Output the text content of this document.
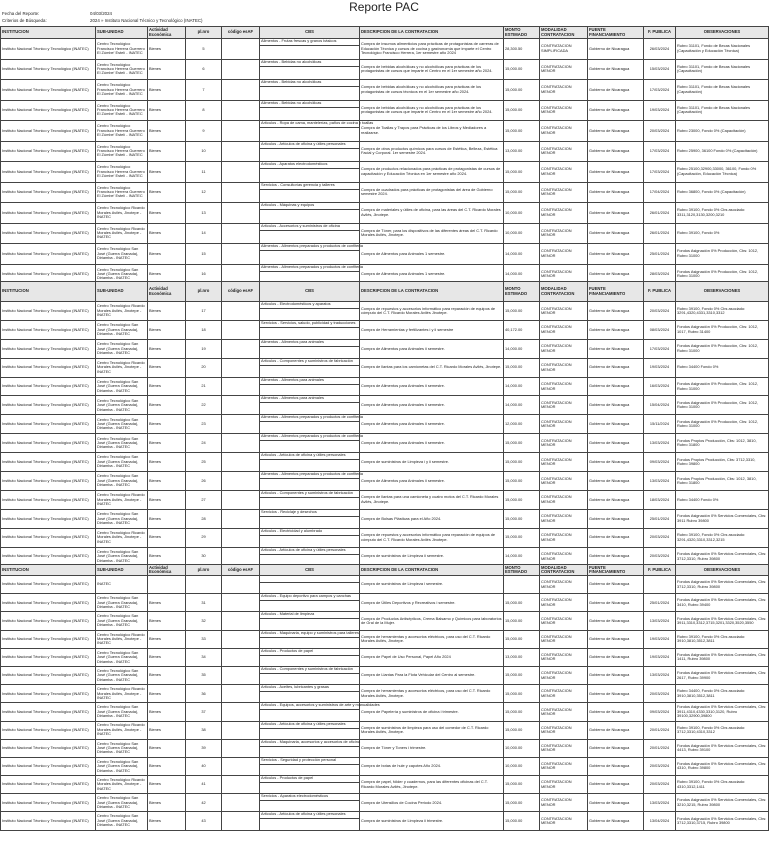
Reporte PAC
Fecha del Reporte:	04/03/2024
Criterios de Búsqueda:	2024 » Instituto Nacional Técnico y Tecnológico (INATEC)
INSTITUCION	SUB-UNIDAD	Actividad Económica	pl.nro	código esAF	CBS	DESCRIPCION DE LA CONTRATACION	MONTO ESTIMADO	MODALIDAD CONTRATACION	FUENTE FINANCIAMIENTO	F. PUBLICA	OBSERVACIONES

Instituto Nacional Técnico y Tecnológico (INATEC)	Centro Tecnológico Francisco Herrera Guerrero El Zúmbe' Estelí - INATEC	Bienes	5		Alimentos - Frutas frescas y granos básicos	Compra de insumos alimenticios para prácticas de protagonistas de carreras de Educación Técnica y cursos de cocina y gastronomía que imparte el Centro Tecnológico Francisco Herrera, 1er semestre año 2024	28,300.50	CONTRATACION SIMPLIFICADA	Gobierno de Nicaragua	26/03/2024	Rubro 31101, Fondo de Becas Nacionales (Capacitación y Educación Técnica)

Instituto Nacional Técnico y Tecnológico (INATEC)	Centro Tecnológico Francisco Herrera Guerrero El Zúmbe' Estelí - INATEC	Bienes	6		Alimentos - Bebidas no alcohólicas	Compra de bebidas alcohólicas y no alcohólicas para prácticas de los protagonistas de cursos que imparte el Centro en el 1er semestre año 2024.	15,000.00	CONTRATACION MENOR	Gobierno de Nicaragua	15/03/2024	Rubro 31101, Fondo de Becas Nacionales (Capacitación)

Instituto Nacional Técnico y Tecnológico (INATEC)	Centro Tecnológico Francisco Herrera Guerrero El Zúmbe' Estelí - INATEC	Bienes	7		Alimentos - Bebidas no alcohólicas	Compra de bebidas alcohólicas y no alcohólicas para prácticas de los protagonistas de cursos técnicos en el 1er semestre año 2024.	15,000.00	CONTRATACION MENOR	Gobierno de Nicaragua	17/03/2024	Rubro 31101, Fondo de Becas Nacionales (Capacitación)

Instituto Nacional Técnico y Tecnológico (INATEC)	Centro Tecnológico Francisco Herrera Guerrero El Zúmbe' Estelí - INATEC	Bienes	8		Alimentos - Bebidas no alcohólicas	Compra de bebidas alcohólicas y no alcohólicas para prácticas de los protagonistas de cursos que imparte el Centro en el 1er semestre año 2024.	15,000.00	CONTRATACION MENOR	Gobierno de Nicaragua	19/03/2024	Rubro 31101, Fondo de Becas Nacionales (Capacitación)

Instituto Nacional Técnico y Tecnológico (INATEC)	Centro Tecnológico Francisco Herrera Guerrero El Zúmbe' Estelí - INATEC	Bienes	9		Artículos - Ropa de cama, mantelerías, paños de cocina y toallas	Compra de Toallas y Trapos para Prácticas de los Libros y Mediadores a realizarse.	15,000.00	CONTRATACION MENOR	Gobierno de Nicaragua	20/03/2024	Rubro 23000, Fondo 0% (Capacitación)

Instituto Nacional Técnico y Tecnológico (INATEC)	Centro Tecnológico Francisco Herrera Guerrero El Zúmbe' Estelí - INATEC	Bienes	10		Artículos - Artículos de oficina y útiles personales	Compra de otros productos químicos para cursos de Estética, Belleza, Estética Facial y Corporal. 1er semestre 2024.	13,000.00	CONTRATACION MENOR	Gobierno de Nicaragua	17/03/2024	Rubro 25900, 36100 Fondo 0% (Capacitación)

Instituto Nacional Técnico y Tecnológico (INATEC)	Centro Tecnológico Francisco Herrera Guerrero El Zúmbe' Estelí - INATEC	Bienes	11		Artículos - Aparatos electrodomésticos	Compra de productos relacionados para prácticas de protagonistas de cursos de capacitación y Educación Técnica en 1er semestre año 2024.	15,000.00	CONTRATACION MENOR	Gobierno de Nicaragua	17/03/2024	Rubro 25100,32900,33000, 36100, Fondo 0% (Capacitación, Educación Técnica)

Instituto Nacional Técnico y Tecnológico (INATEC)	Centro Tecnológico Francisco Herrera Guerrero El Zúmbe' Estelí - INATEC	Bienes	12		Servicios - Consultorías gerencia y talleres	Compra de cuadrados para prácticas de protagonistas del área de Gobierno semestre 2024.	15,000.00	CONTRATACION MENOR	Gobierno de Nicaragua	17/04/2024	Rubro 36800, Fondo 0% (Capacitación)

Instituto Nacional Técnico y Tecnológico (INATEC)	Centro Tecnológico Ricardo Morales Avilés, Jinotepe - INATEC	Bienes	13		Artículos - Máquinas y equipos	Compra de materiales y útiles de oficina, para las áreas del C.T. Ricardo Morales Avilés, Jinotepe.	10,000.00	CONTRATACION MENOR	Gobierno de Nicaragua	26/01/2024	Rubro 39100, Fondo 0% Cbs asociado: 3311,3120,3130,3200,3210

Instituto Nacional Técnico y Tecnológico (INATEC)	Centro Tecnológico Ricardo Morales Avilés, Jinotepe - INATEC	Bienes	14		Artículos - Accesorios y suministros de oficina	Compra de Tóner, para los dispositivos de las diferentes áreas del C.T. Ricardo Morales Avilés, Jinotepe.	10,000.00	CONTRATACION MENOR	Gobierno de Nicaragua	26/01/2024	Rubro 39100, Fondo 0%

Instituto Nacional Técnico y Tecnológico (INATEC)	Centro Tecnológico San José (Guerra Granada), Diriamba - INATEC	Bienes	15		Alimentos - Alimentos preparados y productos de confitería	Compra de Alimentos para Animales 1 semestre.	14,000.00	CONTRATACION MENOR	Gobierno de Nicaragua	25/01/2024	Fondos Asignación 0% Producción, Cbs: 1012, Rubro 31000

Instituto Nacional Técnico y Tecnológico (INATEC)	Centro Tecnológico San José (Guerra Granada), Diriamba - INATEC	Bienes	16		Alimentos - Alimentos preparados y productos de confitería	Compra de Alimentos para Animales 1 semestre.	14,000.00	CONTRATACION MENOR	Gobierno de Nicaragua	28/03/2024	Fondos Asignación 0% Producción, Cbs: 1012, Rubro 31000
INSTITUCION	SUB-UNIDAD	Actividad Económica	pl.nro	código esAF	CBS	DESCRIPCION DE LA CONTRATACION	MONTO ESTIMADO	MODALIDAD CONTRATACION	FUENTE FINANCIAMIENTO	F. PUBLICA	OBSERVACIONES

Instituto Nacional Técnico y Tecnológico (INATEC)	Centro Tecnológico Ricardo Morales Avilés, Jinotepe - INATEC	Bienes	17		Artículos - Electrodomésticos y aparatos	Compra de repuestos y accesorios informático para reparación de equipos de cómputo del C.T. Ricardo Morales Avilés Jinotepe.	15,000.00	CONTRATACION MENOR	Gobierno de Nicaragua	20/03/2024	Rubro 39100, Fondo 0% Cbs asociado: 3291,4320,4331,3310,3312

Instituto Nacional Técnico y Tecnológico (INATEC)	Centro Tecnológico San José (Guerra Granada), Diriamba - INATEC	Bienes	18		Servicios - Servicios, saludo, publicidad y traducciones	Compra de Herramientas y fertilizantes i y ii semestre	40,172.00	CONTRATACION MENOR	Gobierno de Nicaragua	08/03/2024	Fondos Asignación 0% Producción, Cbs: 1012, 1017, Rubro 31400

Instituto Nacional Técnico y Tecnológico (INATEC)	Centro Tecnológico San José (Guerra Granada), Diriamba - INATEC	Bienes	19		Alimentos - Alimentos para animales	Compra de Alimentos para Animales ii semestre.	14,000.00	CONTRATACION MENOR	Gobierno de Nicaragua	17/03/2024	Fondos Asignación 0% Producción, Cbs: 1012, Rubro 31000

Instituto Nacional Técnico y Tecnológico (INATEC)	Centro Tecnológico Ricardo Morales Avilés, Jinotepe - INATEC	Bienes	20		Artículos - Componentes y suministros de fabricación	Compra de llantas para los camionetas del C.T. Ricardo Morales Avilés, Jinotepe.	15,000.00	CONTRATACION MENOR	Gobierno de Nicaragua	19/03/2024	Rubro 34400 Fondo 0%

Instituto Nacional Técnico y Tecnológico (INATEC)	Centro Tecnológico San José (Guerra Granada), Diriamba - INATEC	Bienes	21		Alimentos - Alimentos para animales	Compra de Alimentos para Animales ii semestre.	14,000.00	CONTRATACION MENOR	Gobierno de Nicaragua	16/03/2024	Fondos Asignación 0% Producción, Cbs: 1012, Rubro 31000

Instituto Nacional Técnico y Tecnológico (INATEC)	Centro Tecnológico San José (Guerra Granada), Diriamba - INATEC	Bienes	22		Alimentos - Alimentos para animales	Compra de Alimentos para Animales ii semestre.	14,000.00	CONTRATACION MENOR	Gobierno de Nicaragua	15/04/2024	Fondos Asignación 0% Producción, Cbs: 1012, Rubro 31000

Instituto Nacional Técnico y Tecnológico (INATEC)	Centro Tecnológico San José (Guerra Granada), Diriamba - INATEC	Bienes	23		Alimentos - Alimentos preparados y productos de confitería	Compra de Alimentos para Animales ii semestre.	12,000.00	CONTRATACION MENOR	Gobierno de Nicaragua	15/11/2024	Fondos Asignación 0% Producción, Cbs: 1012, Rubro 31000

Instituto Nacional Técnico y Tecnológico (INATEC)	Centro Tecnológico San José (Guerra Granada), Diriamba - INATEC	Bienes	24		Alimentos - Alimentos preparados y productos de confitería	Compra de Alimentos para Animales ii semestre.	15,000.00	CONTRATACION MENOR	Gobierno de Nicaragua	13/03/2024	Fondos Propios Producción, Cbs: 1012, 3810, Rubro 31800

Instituto Nacional Técnico y Tecnológico (INATEC)	Centro Tecnológico San José (Guerra Granada), Diriamba - INATEC	Bienes	25		Artículos - Artículos de oficina y útiles personales	Compra de suministros de Limpieza i y ii semestre.	15,000.00	CONTRATACION MENOR	Gobierno de Nicaragua	09/03/2024	Fondos Propios Producción, Cbs: 3712,3310, Rubro 39800

Instituto Nacional Técnico y Tecnológico (INATEC)	Centro Tecnológico San José (Guerra Granada), Diriamba - INATEC	Bienes	26		Alimentos - Alimentos preparados y productos de confitería	Compra de Alimentos para Animales ii semestre.	15,000.00	CONTRATACION MENOR	Gobierno de Nicaragua	13/03/2024	Fondos Propios Producción, Cbs: 1012, 3810, Rubro 31800

Instituto Nacional Técnico y Tecnológico (INATEC)	Centro Tecnológico Ricardo Morales Avilés, Jinotepe - INATEC	Bienes	27		Artículos - Componentes y suministros de fabricación	Compra de llantas para una camioneta y cuatro motos del C.T. Ricardo Morales Avilés, Jinotepe.	15,000.00	CONTRATACION MENOR	Gobierno de Nicaragua	18/03/2024	Rubro 34400 Fondo 0%

Instituto Nacional Técnico y Tecnológico (INATEC)	Centro Tecnológico San José (Guerra Granada), Diriamba - INATEC	Bienes	28		Servicios - Reciclaje y desechos	Compra de Bolsas Plásticas para el Año 2024.	15,000.00	CONTRATACION MENOR	Gobierno de Nicaragua	25/01/2024	Fondos Asignación 0% Servicios Comerciales, Cbs: 3911 Rubro 39800

Instituto Nacional Técnico y Tecnológico (INATEC)	Centro Tecnológico Ricardo Morales Avilés, Jinotepe - INATEC	Bienes	29		Artículos - Electricidad y alumbrado	Compra de repuestos y accesorios informático para reparación de equipos de cómputo del C.T. Ricardo Morales Avilés Jinotepe.	15,000.00	CONTRATACION MENOR	Gobierno de Nicaragua	20/03/2024	Rubro 39100, Fondo 0% Cbs asociado: 3291,4320,3310,3312,3215

Instituto Nacional Técnico y Tecnológico (INATEC)	Centro Tecnológico San José (Guerra Granada), Diriamba - INATEC	Bienes	30		Artículos - Artículos de oficina y útiles personales	Compra de suministros de Limpieza ii semestre.	14,000.00	CONTRATACION MENOR	Gobierno de Nicaragua	20/03/2024	Fondos Asignación 0% Servicios Comerciales, Cbs: 3712,3310, Rubro 39800
INSTITUCION	SUB-UNIDAD	Actividad Económica	pl.nro	código esAF	CBS	DESCRIPCION DE LA CONTRATACION	MONTO ESTIMADO	MODALIDAD CONTRATACION	FUENTE FINANCIAMIENTO	F. PUBLICA	OBSERVACIONES

Instituto Nacional Técnico y Tecnológico (INATEC)	INATEC					Compra de suministros de Limpieza i semestre.		CONTRATACION MENOR	Gobierno de Nicaragua		Fondos Asignación 0% Servicios Comerciales, Cbs: 3712,3310, Rubro 39800

Instituto Nacional Técnico y Tecnológico (INATEC)	Centro Tecnológico San José (Guerra Granada), Diriamba - INATEC	Bienes	31		Artículos - Equipo deportivo para campos y canchas	Compra de Útiles Deportivos y Recreativos i semestre.	15,000.00	CONTRATACION MENOR	Gobierno de Nicaragua	25/01/2024	Fondos Asignación 0% Servicios Comerciales, Cbs: 3410, Rubro 39400

Instituto Nacional Técnico y Tecnológico (INATEC)	Centro Tecnológico San José (Guerra Granada), Diriamba - INATEC	Bienes	32		Artículos - Material de limpieza	Compra de Productos Antisépticos, Crema Balsamo y Químicos para laboratorios de Gral de la Mujer.	15,000.00	CONTRATACION MENOR	Gobierno de Nicaragua	13/03/2024	Fondos Asignación 0% Servicios Comerciales, Cbs: 3911,3310,3312,3715,3201,3320,3520,3550

Instituto Nacional Técnico y Tecnológico (INATEC)	Centro Tecnológico Ricardo Morales Avilés, Jinotepe - INATEC	Bienes	33		Artículos - Maquinaria, equipo y suministros para talleres	Compra de herramientas y accesorios eléctricos, para uso del C.T. Ricardo Morales Avilés, Jinotepe.	15,000.00	CONTRATACION MENOR	Gobierno de Nicaragua	19/03/2024	Rubro 39100, Fondo 0% Cbs asociado: 3910,3810,3512,3811

Instituto Nacional Técnico y Tecnológico (INATEC)	Centro Tecnológico San José (Guerra Granada), Diriamba - INATEC	Bienes	34		Artículos - Productos de papel	Compra de Papel de Uso Personal, Papel Año 2024	13,000.00	CONTRATACION MENOR	Gobierno de Nicaragua	19/03/2024	Fondos Asignación 0% Servicios Comerciales, Cbs: 1411, Rubro 39800

Instituto Nacional Técnico y Tecnológico (INATEC)	Centro Tecnológico San José (Guerra Granada), Diriamba - INATEC	Bienes	35		Artículos - Componentes y suministros de fabricación	Compra de Llantas Para la Flota Vehicular del Centro al semestre.	15,000.00	CONTRATACION MENOR	Gobierno de Nicaragua	13/03/2024	Fondos Asignación 0% Servicios Comerciales, Cbs: 2617, Rubro 39900

Instituto Nacional Técnico y Tecnológico (INATEC)	Centro Tecnológico Ricardo Morales Avilés, Jinotepe - INATEC	Bienes	36		Artículos - Aceites, lubricantes y grasas	Compra de herramientas y accesorios eléctricos, para uso del C.T. Ricardo Morales Avilés, Jinotepe.	15,000.00	CONTRATACION MENOR	Gobierno de Nicaragua	20/03/2024	Rubro 34400, Fondo 0% Cbs asociado: 3910,3810,3512,3811

Instituto Nacional Técnico y Tecnológico (INATEC)	Centro Tecnológico San José (Guerra Granada), Diriamba - INATEC	Bienes	37		Artículos - Equipos, accesorios y suministros de arte y manualidades	Compra de Papelería y suministros de oficina i trimestre.	15,000.00	CONTRATACION MENOR	Gobierno de Nicaragua	09/03/2024	Fondos Asignación 0% Servicios Comerciales, Cbs: 3911,4310,4330,3310,3120, Rubro 39100,32900,39800

Instituto Nacional Técnico y Tecnológico (INATEC)	Centro Tecnológico Ricardo Morales Avilés, Jinotepe - INATEC	Bienes	38		Artículos - Artículos de oficina y útiles personales	Compra de suministros de limpieza para uso del comedor de C.T. Ricardo Morales Avilés, Jinotepe.	15,000.00	CONTRATACION MENOR	Gobierno de Nicaragua	20/01/2024	Rubro 39100, Fondo 0% Cbs asociado: 3712,3310,4310,3312

Instituto Nacional Técnico y Tecnológico (INATEC)	Centro Tecnológico San José (Guerra Granada), Diriamba - INATEC	Bienes	39		Artículos - Maquinaria, accesorios y accesorios de oficina	Compra de Tóner y Toners i trimestre.	10,000.00	CONTRATACION MENOR	Gobierno de Nicaragua	20/01/2024	Fondos Asignación 0% Servicios Comerciales, Cbs: 4413, Rubro 39100

Instituto Nacional Técnico y Tecnológico (INATEC)	Centro Tecnológico San José (Guerra Granada), Diriamba - INATEC	Bienes	40		Servicios - Seguridad y protección personal	Compra de botas de hule y capotes Año 2024.	10,000.00	CONTRATACION MENOR	Gobierno de Nicaragua	20/03/2024	Fondos Asignación 0% Servicios Comerciales, Cbs: 4310, Rubro 39800

Instituto Nacional Técnico y Tecnológico (INATEC)	Centro Tecnológico Ricardo Morales Avilés, Jinotepe - INATEC	Bienes	41		Artículos - Productos de papel	Compra de papel, fólder y cuadernos, para las diferentes oficinas del C.T. Ricardo Morales Avilés, Jinotepe.	15,000.00	CONTRATACION MENOR	Gobierno de Nicaragua	20/03/2024	Rubro 39100, Fondo 0% Cbs asociado: 4310,3312,1411

Instituto Nacional Técnico y Tecnológico (INATEC)	Centro Tecnológico San José (Guerra Granada), Diriamba - INATEC	Bienes	42		Servicios - Aparatos electrodomésticos	Compra de Utensilios de Cocina Periodo 2024.	15,000.00	CONTRATACION MENOR	Gobierno de Nicaragua	13/03/2024	Fondos Asignación 0% Servicios Comerciales, Cbs: 3210,3215, Rubro 39800

Instituto Nacional Técnico y Tecnológico (INATEC)	Centro Tecnológico San José (Guerra Granada), Diriamba - INATEC	Bienes	43		Artículos - Artículos de oficina y útiles personales	Compra de suministros de Limpieza ii trimestre.	15,000.00	CONTRATACION MENOR	Gobierno de Nicaragua	13/04/2024	Fondos Asignación 0% Servicios Comerciales, Cbs: 3712,3310,3715, Rubro 39800
